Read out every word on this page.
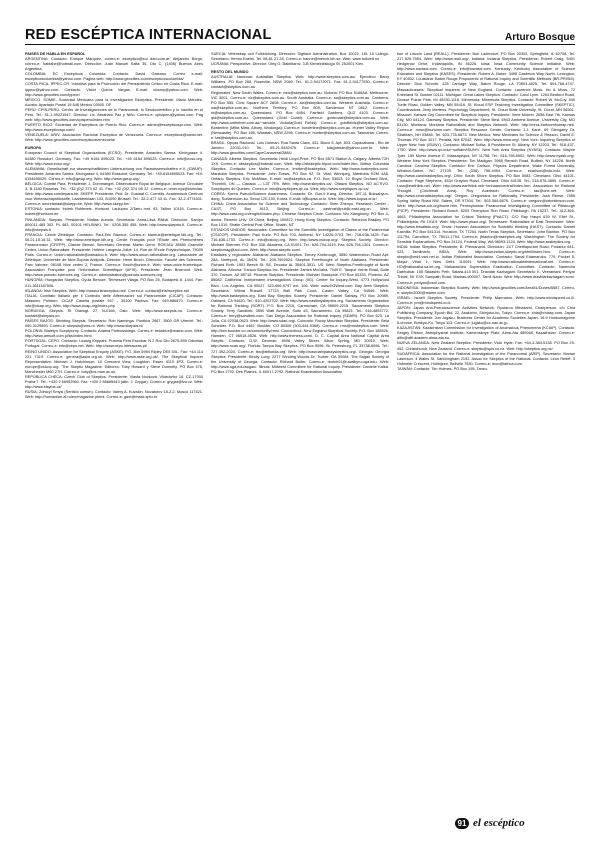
RED ESCÉPTICA INTERNACIONAL	Arturo Bosque

PAÍSES DE HABLA EN ESPAÑOL

ARGENTINA: Contacto: Enrique Márquez, correo-e: escéptico@sui dad.com.ar; Alejandro Borgo, correo-e: hablahe@hotmail.com. Dirección: Juan Manuel Salta 35, Dto C, (1406) Buenos Aires Argentina.

COLOMBIA: EC Escépticos Colombia. Contacto: David Galeano. Correo e-mail: escepticoscolombia@yahoo.com. Página web: http://www.geocities.com/escepticoscolombia/

COSTA RICA. IPPEC-CR. Iniciativa para la Promoción del Pensamiento Crítico en Costa Rica. E-mail: ippecr@yahoo.com. Contacto: Victor Quirós Vargas. E-mail: vicsmy@yahoo.com. Web: http://www.geocities.com/ippecr/

MÉXICO. SOMIE. Sociedad Mexicana para la Investigación Escéptica. Presidente: Mario Méndez-Acosta. Apartado Postal 19-546 México 03900. DF.

PERÚ: CPIS-PERÚ. Centro de Investigaciones de lo Paranormal, lo Seudocientífico y lo Insólito en el Perú. Tel.: 51-1-99221547. Director: Lic. Abraham Paz y Niño. Correo-e: cpisiperu@yahoo.com. Pag web: http://www.geocities.com/cpisperu/index.htm

PUERTO RICO: Sociedad de Escépticos de Puerto Rico. Correo-e: admin@escepticospr.com. Web: http://www.escepticospr.com/.

VENEZUELA: ARIV. Asociación Racional Escéptica de Venezuela. Correo-e: escepticos@cantv.net. Web: http://www.geocities.com/escepticosvenezuela/

EUROPA

European Council of Skeptical Organizations (ECSO). Presidente: Amardeo Sarma. Kirchgasse 4. 64380 Rossdorf, Germany. Fax: +49 6154 695023. Tel.: +49 6154 695023. Correo-e: info@ecso.org. Web: http://www.ecso.org/

ALEMANIA: Gesellschaft zur wissenschaftlichen Untersuchung von Parawissenschaften e.V. (GWUP). Presidente: Amardeo Sarma. Kirchgasse 4, 64380 Rossdorf, Germany. Tel.: +49-6154695023. Fax: +49-6154695029. Correo-e: info@gwup.org. Web: http://www.gwup.org/

BÉLGICA: Comité Para. Presidente: J. Dommanget. Observatoire Royal de Belgique, Avenue Circulaire 3, B-1180 Bruselas. Tel.: +32 (0)2 373 02 41. Fax: +32 (0)2 374 98 22. Correo-e: omer.nys@ksmvlas. Web: http://www.comitepara.be. SKEPP. Presidente: Prof. Dr. Gustaaf C. Cornelis. Academisch Centrum voor Wetenschapsfilosofie, Laarbeeklaan 103, B1090 Brussel. Tel.: 32-2-477 43 11. Fax: 32-2-4774301. Correo-e: secretariaat@skepp.be. Web: http://www.skepp.be/

ESTONIA: contacto: Indrek Rohtmets. Horisont. Laulupeo 2/Tartu mnt. 63, Tallinn 10115. Correo-e: indrek@horisont.ee

FINLANDIA: Skepsis. Presidente: Matias Aunola. Secretaria: Anna-Liisa Räihä. Dirección: Sampo 800011-465 302. PL 483, 00101 HELSINKI. Tel.: 0208-355 455. Web: http://www.skepsis.fi. Correo-e: info@skepsis.fi

FRANCIA: Cercle Zététique. Contacto: Paul-Eric Blanrue. Correo-e: blanrue@zetetique.ldh.org. Tel.: 06.21.15.15.31. Web: http://www.zetetique.ldh.org. Cercle Français pour l'Étude des Phénomènes Paranormaux (CFEPP). Claude Benski. Secretario General: Martin Gerin. ROEJAU 38550 Granville Cedex. Union Rationaliste. Presidente: Hélène Langevin-Joliot. 14, Rue de l'École Polytechnique, 75005 Paris. Correo-e: Union.rationaliste@wanadoo.fr. Web: http://www.union-rationaliste.org. Laboratoire de Zététique. Université de Nice-Sophia Antipolis. Director: Henri Broch. Dirección: Faculté des Sciences, Parc Valrose, 06108 Nice cedex 2, France. Correo-e: Broch@unice.fr. Web: www.unice.fr/zetetique. Association Française pour l'Information Scientifique (AFIS). Presidente: Jean Bricmont. Web: http://www.pseudo-sciences.org. Correo-e: administration@pseudo-sciences.org

HUNGRÍA: Hungarian Skeptics. Gyula Bencze. Termeszet Vilaga, PO Box 25, Budapest 8, 1444. Fax: 011-3611187506.

IRLANDA: Irish Skeptics. Web: http://www.irishsceptics.net/. Correo-e: contact@irishsceptics.net

ITALIA: Comitato Italiano per il Controllo delle Affermazioni sul Paranormale (CICAP). Contacto: Massimo Polidoro. CICAP Casella postale 947 - 35100 Padova. Fax: 049-686870. Correo-e: info@cicap.org. Web: http://www.cicap.org/index.php

NORUEGA: Skepsis. St Olavsgt. 27, N-0166, Oslo. Web: http://www.skepsis.no. Correo-e: kontakt@skepsis.no

PAÍSES BAJOS: Stichting Skepsis. Secretario: Rob Nanninga. Postbus 2667, 3500 GR Utrecht. Tel.: 050-3129893. Correo-e: skepsis@wxs.nl. Web: http://www.skepsis.nl/

POLONIA: Bialetyn Sceptyczny. Contacto: Adama Piotrowskiego. Correo-e: redaktor@mamo.com. Web: http://www.amsoft.com.pl/bs/index.html.

PORTUGAL: CEPO. Contacto: Ludwig Krippahl. Praceta Pero Escobar, N 2 Roc Dto 2675-599 Odivelas Portugal. Correo-e: info@cepo.net. Web: http://www.cepo.interaceas.pt/

REINO UNIDO: Association for Skeptical Enquiry (ASKE). P.O. Box 5994 Ripley DE5 3XL. Fax: +44 114 221 7319. Correo-e: genera@aske.org.uk. Web: http://www.aske.org.uk/. The Skeptical Inquirer Representative: Michael J. Hutchinson. 10 Crescent View, Loughton, Essex IG10 4PZ. Correo-e: europe@csicop.org. 'The Skeptic Magazine: Editores: Toby Howard y Steve Donnelly. PO Box 475, Manchester M60 2TH. Correo-e: toby@cs.man.ac.uk.

REPÚBLICA CHECA: Czech Club of Skeptics. Presidente: Vlasta Novková. Vlkáckého 16, CZ-17000 Praha 7. Tel.: +420 2 66952960. Fax: +420 2 86685443 (attn. J. Grygar). Correo-e: grygar@fzu.cz. Web: http://www.sisyfos.cz/

RUSIA: Zdravyi Smysl (Sentido común). Contacto: Valery A. Kuvakin. Novatorov 18-2-2. Moscú 117421. Web: http://humanism.al.ru/en/magazine.phtml. Correo-e: gam@mask.sptu.ru

SUECIA: Vetenskap och Folkbildning. Dirección: Sigtlach Administration, Box 10022, 181 10 Lidingö. Secretario: Henno Eaelm. Tel. 08-81 21 28. Correo-e: hanne@meech.ldh.se. Web: www.folkvett.nu

UCRANIA: Perspective. Director: Oleg G. Bakhtiarov. 3-B Khmelnitskogo St. 252001 Kiev.

RESTO DEL MUNDO

AUSTRALIA: Nacional: Australian Skeptics. Web: http://www.skeptics.com.au/. Ejecutivo: Barry Williams. PO Box 268, Roseville, NSW 2069. Tel.: 61-2-94172071. Fax: 61-2-94177930. Correo-e: contact@skeptics.com.au

Regionales: New South Wales. Correo-e: nsw@skeptics.com.au. Victoria: PO Box 5166AA. Melbourne, VIC 3001. Correo-e: vic@skeptics.com.au. South Australia. Correo-e: sa@skeptics.com.au. Canberra. PO Box 555, Civic Square ACT 2608. Correo-e: act@skeptics.com.au. Western Australia. Correo-e: wa@skeptics.com.au. Northern Territory. PO Box 809, Sanderson NT 0812. Correo-e: nt@skeptics.com.au. Queensland. PO Box 6454. Fairfield Gardens. QLD 4103. Correo-e: qld@skeptics.com.au. Queensland (Gold Coast): Correo-e: goldcoast@skeptics.com.au. Web: http://www.ontheinet.com.au/~winckle. Victoria(Gold Fields): Correo-e: goldfields@skeptics.com.au. Borderline (Mitta Mitta, Albury, Wodonga): Correo-e: borderline@skeptics.com.au. Hunter Valley Region (Newcastle). PO Box 166, Waratah, NSW 2298. Correo-e: hunter@skeptics.com.au. Tasmania: Correo-e: tas@skeptics.com.au.

BRASIL: Opçao Racional. Luis Gutman. Rua Santa Clara, 431. Bloco 5, Apt. 803. Copacabana - Rio de Janeiro 22041-010. Tel.: 55-21-5482476. Correo-e: luisgutman@yahoo.com.br. Web: http://www.geocities.com/CapeCanaveral/2884/

CANADÁ: Alberta Skeptics. Secretaria: Heidi Lloyd-Price. PO Box 5571 Station A, Calgary, Alberta T2H 1X9. Correo-e: abskeptics@hotmail.com. Web: http://abskeptic.tripod.com/index.htm. British Columbia Skeptics. Contacto: Lee Moller. Correo-e: lmoller@bcskeptics. Web: http://www.bcskeptics.com/. Manitoba Skeptics. Presidente: John Toews. PO Box 92, St. Vital, Winnipeg, Manitoba R2M 4A5. Ontario Skeptics. Eric McMillan. E-mail: os@skeptics.ca. P.O. Box 33003, 10 Royal Orchard Blvd., Thornhill, ON — Canada — L3T 7R9. Web: http://www.skeptics.ca/. Ottawa Skeptics. NO ACTIVO. Sceptiques du Quebec. Correo-e: info@sceptiques.qc.ca. Web: http://www.sceptiques.qc.ca/

COREA: Korea PseudoScience Awareness. Contacto: Dr. Gun-Il Kang, Director, 187-11 Buksahyun-dong, Sudaemoon-ku, Seoul 120-190, Korea. E-mail: t@kopsa.or.kr. Web: http://www.kopsa.or.kr/

CHINA: China Association for Science and Technology. Contacto: Shen Zhenyu. Research Center - CAST, PO Box 8113, Beijing. Correo-e: castrcsf@public.east.org.cn. Web: http://www.cast.org.cn/english/index.php. Chinese Skeptics Circle. Contacto: Wu Xianghong. PO Box 4-doctor, Renmin Univ. Of China, Beijing 100872. Hong Kong Skeptics. Contacto: Rebecca Bradley. PO Box 1010, Shatin Central Post Office, Shatin, NT.

ESTADOS UNIDOS: Nacionales: Committee for the Scientific Investigation of Claims of the Paranormal (CSICOP). Presidente: Paul Kurtz. PO Box 703, Amherst, NY 14226-0703. Tel.: 716-636-1425. Fax: 716-636-1733. Correo-e: info@csicop.org. Web: http://www.csicop.org/. Skeptics Society. Director: Michael Shermer. P.O. Box 338, Altadena, CA 91001. Tel.: 626-794-3119. Fax: 626-794-1301. Correo-e: skepticmag@aol.com. Web: http://www.skeptic.com/.

Estatales y regionales: Alabama: Alabama Skeptics. Emory Kimbrough, 3550 Watermelon Road Apt. 28A, Northport, AL 35476. Tel.: 205-7592624. Skeptics Freethought of North Alabama. Presidente: Richard Roth. 1901 Beech St. SE, Decatur AL 35601-3511. US. Web: Skeptics-Freethought of North Alabama. Arizona: Tucson Skeptics Inc. Presidente: James McGaha. 7049 E. Tanque Verde Road, Suite 370, Tucson, AZ 85715. Phoenix Skeptics. Presidente: Michael Stackpole. PO Box 60333, Phoenix, AZ 85082. California: Independent Investigations Group (IIG). Center for Inquiry-West, 4773 Hollywood Blvd., Los Angeles, CA 90027. 323-666-9797 ext. 106. Web: www.IIGWest.com. Bay Area Skeptics. Secretaria: Wilma Russell. 17723 Ball Park Court, Castro Valley, CA 94546. Web: http://www.baskeptics.org. East Bay Skeptics Society. Presidente: Daniel Sabsay. PO Box 20989, Oakland, CA 94620. Tel.: 510-4202702. Web: http://www.eastbayskeptics.org. Sacramento Organization for Rational Thinking (SORT). P.O. Box 2215, Carmichael, CA 95609-2215. Sacramento Skeptics Society. Terry Sandbek. 3550 Watt Avenue, Suite #3, Sacramento, CA 95821. Tel.: 916-4893772. Correo-e: terry@sandbek.com. San Diego Association for Rational Inquiry (SDARI). PO Box 623, La Jolla, CA 92038-0623. Web: http://www.sdari.org/. Colorado: Rocky Mountain Skeptics. Presidente: Bela Scheiber. P.O. Box 4482, Boulder, CO 80306 (303-444-5368). Correo-e: rms@rmskeptics.com. Web: http://bcn.boulder.co.us/community/rms/. Connecticut: New England Skeptical Society. P.O. Box 185526, Hamden, CT 06518-0526. Web: http://www.theness.com/. D. C. Capital Area National Capital Area Skeptic. Contacto: D.W. Denman. 8006 Valley Street, Silver Spring, MD 20910. Web: http://www.ncas.org/. Florida: Tampa Bay Skeptics. PO Box 5096, St. Petersburg, FL 33738-5096. Tel.: 727-392-2020. Correo-e: tbs@tbflorida.org. Web: http://www.tampabayskeptics.org/. Georgia: Georgia Skeptics. Presidente: Becky Long. 2277 Winding Woods Dr. Tucker, GA 30084. The Sagan Society of the University of Georgia. Contacto: Richard Butler. Correo-e: rbutch01@uwalkyru.uga.edu. Web: http://www.uga.edu/sagan/. Illinois: Midwest Committee for Rational Inquiry. Presidente: Danielle Kafka. PO Box 2792, Des Plaines, IL 60017-2792. Rational Examination Association

tion of Lincoln Land (REALL). Presidente: Bob Ladendorf. PO Box 20302, Springfield, IL 62708. Tel. 217-525-7554. Web: http://www.reall.org/. Indiana: Indiana Skeptics. Presidente: Robert Craig. 5401 Hedgerow Drive, Indianapolis, IN 46226. Iowa: Iowa Community Science Initiative. Web: http://www.iowasci.com. Correo-e: info@iowasci.com. Kentucky: Kentucky Association of Science Educators and Skeptics (KASES). Presidente: Robert A. Baker. 3495 Castleton Way North, Lexington, KY 40502. Louisiana: Baton Rouge Proponents of Rational Inquiry and Scientific Methods (BR-PRISM). Director: Dick Schroth. 425 Carriage Way, Baton Rouge, LA 70803-4825. Tel. 504-766-4747. Massachussets: Skeptical Inquirers of New England. Contacto: Laurence Moss. Ho & Moss, 72 Kneeland St. Boston 02111. Michigan: Great Lakes Skeptics. Contacto: Carol Lynn. 1264 Bedford Road, Grosse Pointe Park, MI 48230-1116. Minnesota: Minnesota Skeptics. Contacto: Robert W. McCoy. 549 Turtle Road, Golden Valley, MN 55416. St. Kloud ESP Teaching Investigation Committee (SKEPTIC). Coordinadora: Jerry Mertens. Psychology Department, St. Cloud State University, St. Cloud, MN 56301. Missouri: Kansas City Committee for Skeptical Inquiry. Presidente: Verle Muhrer. 2658 East 7th, Kansas City, MO 64124. Gateway Skeptics. Presidente: Steve Best. 6943 Amherst Avenue, University City, MO 63130. Montana: Montana Rationalists and Skeptics Network. Web: http://mrss.burtoomhomap.net/. Correo-e: mrsn@burtoom.com. Skeptics Resource Center. Contacto: J.J. Kane. 69 Glengarry Dr. Stratham, NH 03885. Tel. 603-778-6873. New Mexico: New Mexicans for Science & Reason. David E. Thomas. PO Box 1017, Peralta, NM 87042. Web: http://www.nmsr.org/. New York: Inquiring Skeptics of Upper New York (ISUNY). Contacto: Michael Sofka. 8 Providence St. Albany, NY 12203. Tel.: 518-437-1750. Web: http://www.rpi.edu/~sofkam/ISUNY/. New York Area Skeptics (NYASk). Contacto: Wayne Tyler. 159 Morse Avenue E. Massapequa, NY 11758. Tel.: 516-798-6902. Web: http://www.nyask.org/. Western New York Skeptics. Presidente: Tim Madigan. 3965 Rensch Road, Buffalo, NY 14228. North Carolina: Carolina Skeptics. Contacto: Eric Carlson, Physics Department, Wake Forest University, Winston-Salem, NC 27109. Tel.: (336) 758-4994. Correo-e: ecarlson@wfu.edu. Web: http://www.carolinaskeptics.org/. Ohio: South Shore Skeptics. PO Box 5083, Cleveland, Ohio 44101. Contacto: Page Stephens. 4534 Grayton Road, Cleveland, Ohio 44135. Tel.: 216-676-4859. Correo-e: t.sss@earthlink.net. Web: http://www.earthlink.net/~lenhaan/central/index.htm. Association for Rational Thought (Cincinnati Area). Roy Auerbach. Correo-e: rau@one.net. Web: http://www.cincinatiskeptics.org/. Oregon: Oregonians for Rationality. Presidente: Josh Reese. 7555 Spring Valley Road NW, Salem, OR 97304. Tel.: 503-364-6676. Correo-e: oregonr@ortonkinson.com. Web: http://www.o4r.org/home.htm. Pennsylvania: Paranormal Investigating Committee of Pittsburgh (PICP). Presidente: Richard Busch. 8209 Thompson Run Road, Pittsburgh, PA 15237. Tel.: 412-366-4663. Philadelphia Association for Critical Thinking (PhACT). C/O Ray Haupt 639 W. Ellet St., Philadelphia, PA 19119. Web: http://www.phact.org/. Tennessee: Rationalists of East Tennessee. Web: http://www.ibrsaltsts.org/. Texas: Houston Association for Scientific thinking (HAST). Contacto: Darrell Kachilla. PO Box 541314. Houston, TX 77254. North Texas Skeptics. Secretario: John Blanton. PO Box 111794, Carrollton, TX 75011-1794. Correo-e: jblanton@ntskeptics.org. Washington: The Society for Sensible Explanations. PO Box 24124, Federal Way, WA 98093-1124. Web: http://www.ssskeptics.org.

INDIA: Indian Skeptics. Presidente: B. Premanand. Dirección: 11/7 Chettiapuram Road, Podanur 641-023, Tamilnadu, INDIA. Web: http://www.indian-skeptic.org/html/index.htm. Correo-e: skeptic@md4.vsnl.net.in. Indian Rationalist Association. Contacto: Sanal Edamaruku. 779, Pocket 5, Mayur Vihar 1, New Delhi 110091. Web: http://www.rationalistinternational.net. Correo-e: HO@rationalist.sa.int.org. Maharashtra Superstition Eradication Committee. Contacto: Narendra Dabholkar. 155 Sadashiv Peth, Satara-415 001. Dravidar Kazhagam. Secretario: K. Veeramani. Periyar Thidal, 50. EVK Sampath Road, Madras-600007. Tamil Nadu. Web: http://www.dravidarkazhagam.com/. Correo-e: periyar@vsnl.com.

INDONESIA: Indonesian Skeptics Society. Web: http://www.geocities.com/Area51/Dunes/5587. Correo-e: skeptic2000@mame.com.

ISRAEL: Israeli Skeptics Society. Presidente: Philip Marmaros. Web: http://www.mindspeed.co.il/. Correo-e: pm@mindspeed.co.il.

JAPÓN: Japan Anti-Pseudoscience Activities Network. Ryutarou Minakami, Chairperson, c/o Chia Publishing Company, Epoch Bld. 22, Asakicho, Shinjuku-ku, Tokyo. Correo-e: chia@chiasp.com. Japan Skeptics. Presidente: Jun Jugaku. Business Center for Academic Societies Japan. 16-9 Honkomagome 5-chome, Bunkyo-Ku, Tokyo 113. Correo-e: jugaku@cc.nao.ac.jp.

KAZAJISTÁN: Kazakhstan Commission for Investigation of Anomalous Phenomena (KCIAP). Contacto: Sergey Efimov, Astrophysical Institute, Kamenskoye Plato, Alma-Ata 480068, Kazakhstan. Correo-e: alfin@affi.academ.alma-ata.su.

NUEVA ZELANDA: New Zealand Skeptics. Presidente: Vicki Hyde. Fax: +64-3-384-5138. PO Box 29-492, Christchurch, New Zealand. Correo-e: skeptic@spis.co.nz. Web: http://skeptics.org.nz/.

SUDÁFRICA: Association for the Rational Investigation of the Paranormal (ARIP). Secretario: Marian Laserson. 4 Wales St. Sandringham 2192. Assoc for Skeptics of the Rational. Contacto: Leon Retief. 3 Hofmeier Crescent, Hofwijzen, Bellville 7530. Correo-e: leon@iafrica.com.

TAIWÁN: Contacto: Tim Holmes. PO Box 195, Tanzu.

91 el escéptico
